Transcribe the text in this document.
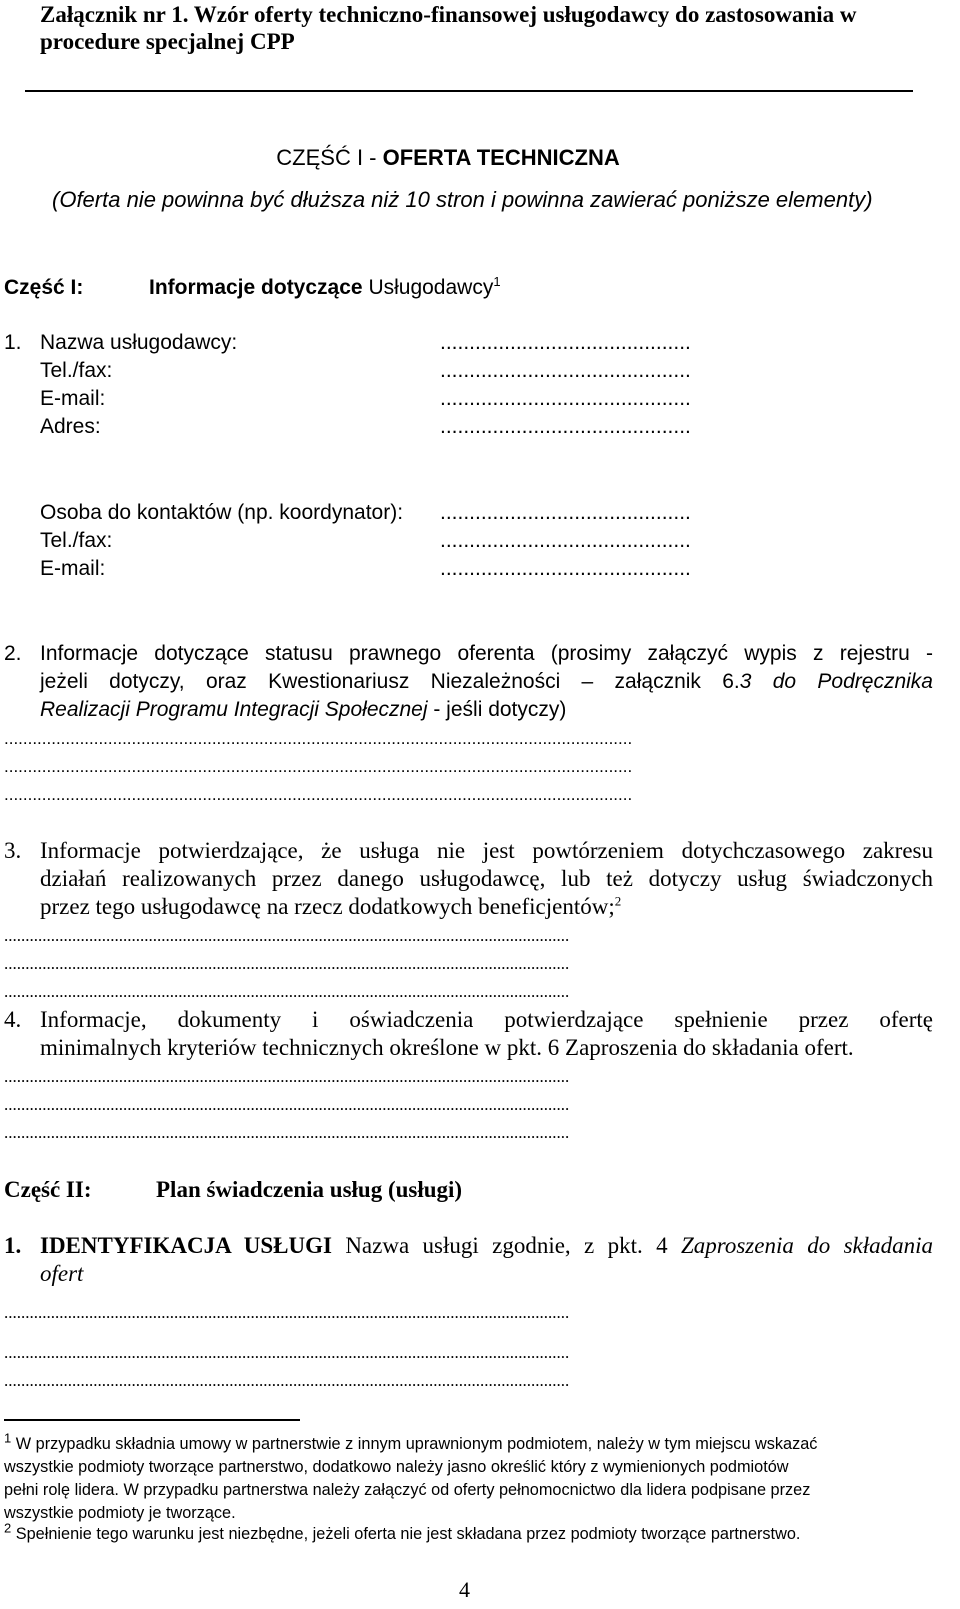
Załącznik nr 1. Wzór oferty techniczno-finansowej usługodawcy do zastosowania w
procedure specjalnej CPP
CZĘŚĆ I - OFERTA TECHNICZNA
(Oferta nie powinna być dłuższa niż 10 stron i powinna zawierać poniższe elementy)
Część I:	Informacje dotyczące Usługodawcy$^1$
1. Nazwa usługodawcy:	...........................................
Tel./fax:	...........................................
E-mail:	...........................................
Adres:	...........................................
Osoba do kontaktów (np. koordynator): ...........................................
Tel./fax:	...........................................
E-mail:	...........................................
2. Informacje dotyczące statusu prawnego oferenta (prosimy załączyć wypis z rejestru -
jeżeli dotyczy, oraz Kwestionariusz Niezależności – załącznik 6.3 do Podręcznika
Realizacji Programu Integracji Społecznej - jeśli dotyczy)
.....................................................................................................................................
.....................................................................................................................................
.....................................................................................................................................
3. Informacje potwierdzające, że usługa nie jest powtórzeniem dotychczasowego zakresu
działań realizowanych przez danego usługodawcę, lub też dotyczy usług świadczonych
przez tego usługodawcę na rzecz dodatkowych beneficjentów;$^2$
.....................................................................................................................................
.....................................................................................................................................
.....................................................................................................................................
4. Informacje, dokumenty i oświadczenia potwierdzające spełnienie przez ofertę
minimalnych kryteriów technicznych określone w pkt. 6 Zaproszenia do składania ofert.
.....................................................................................................................................
.....................................................................................................................................
.....................................................................................................................................
Część II:	Plan świadczenia usług (usługi)
1. IDENTYFIKACJA USŁUGI Nazwa usługi zgodnie, z pkt. 4 Zaproszenia do składania
ofert
.....................................................................................................................................
.....................................................................................................................................
.....................................................................................................................................
$^1$ W przypadku składnia umowy w partnerstwie z innym uprawnionym podmiotem, należy w tym miejscu wskazać
wszystkie podmioty tworzące partnerstwo, dodatkowo należy jasno określić który z wymienionych podmiotów
pełni rolę lidera. W przypadku partnerstwa należy załączyć od oferty pełnomocnictwo dla lidera podpisane przez
wszystkie podmioty je tworzące.
$^2$ Spełnienie tego warunku jest niezbędne, jeżeli oferta nie jest składana przez podmioty tworzące partnerstwo.
4
